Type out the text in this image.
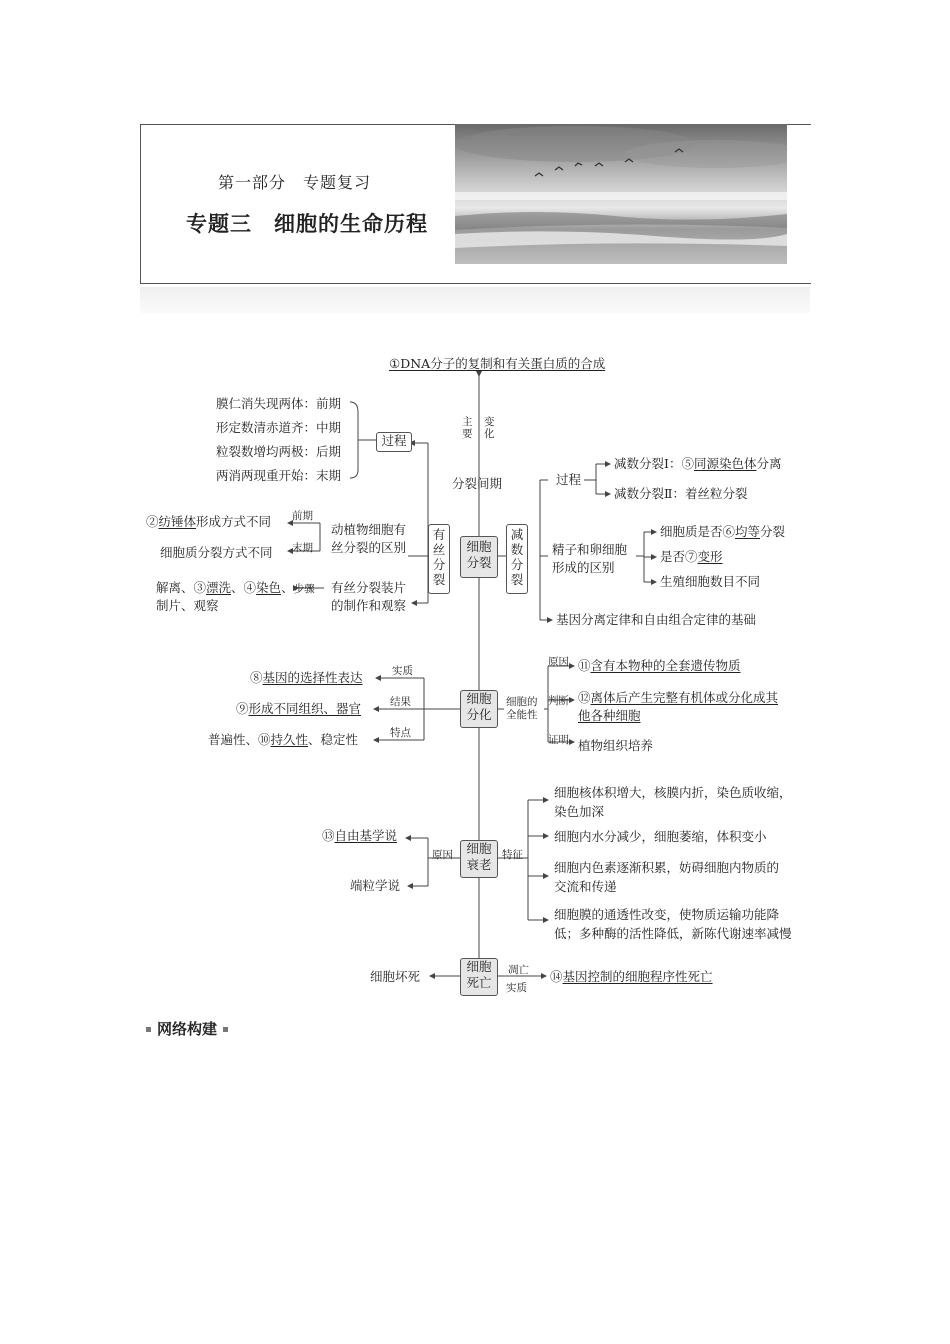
第一部分　专题复习
专题三　细胞的生命历程
①DNA分子的复制和有关蛋白质的合成
主要
变化
分裂间期
膜仁消失现两体：前期
形定数清赤道齐：中期
粒裂数增均两极：后期
两消两现重开始：末期
过程
有丝分裂
细胞分裂
减数分裂
动植物细胞有
丝分裂的区别
前期
末期
②纺锤体形成方式不同
细胞质分裂方式不同
解离、③漂洗、④染色、步骤
制片、观察
有丝分裂装片
的制作和观察
过程
减数分裂Ⅰ：⑤同源染色体分离
减数分裂Ⅱ：着丝粒分裂
精子和卵细胞
形成的区别
细胞质是否⑥均等分裂
是否⑦变形
生殖细胞数目不同
基因分离定律和自由组合定律的基础
实质
⑧基因的选择性表达
结果
⑨形成不同组织、器官
特点
普遍性、⑩持久性、稳定性
细胞
分化
细胞的
全能性
原因 ⑪含有本物种的全套遗传物质
判断 ⑫离体后产生完整有机体或分化成其
他各种细胞
证明 植物组织培养
⑬自由基学说
原因
端粒学说
细胞
衰老
特征
细胞核体积增大，核膜内折，染色质收缩，
染色加深
细胞内水分减少，细胞萎缩，体积变小
细胞内色素逐渐积累，妨碍细胞内物质的
交流和传递
细胞膜的通透性改变，使物质运输功能降
低；多种酶的活性降低，新陈代谢速率减慢
细胞坏死
细胞
死亡
凋亡
实质
⑭基因控制的细胞程序性死亡
网络构建
